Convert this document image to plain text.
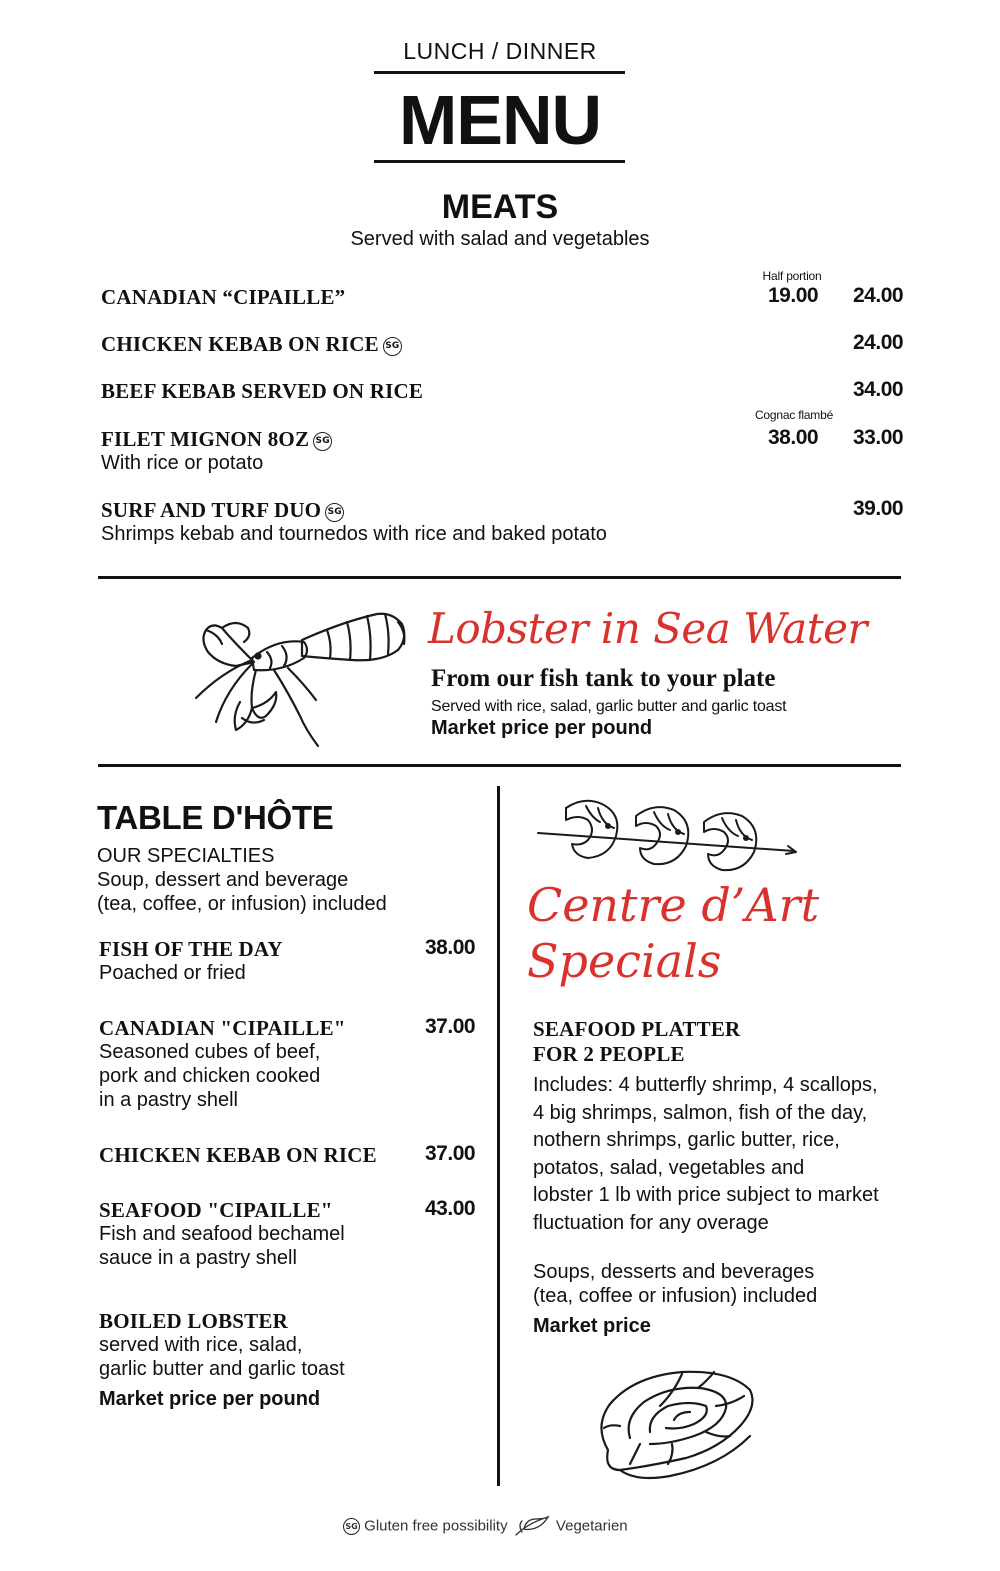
LUNCH / DINNER
MENU
MEATS
Served with salad and vegetables
Half portion
CANADIAN “CIPAILLE”	19.00 24.00
CHICKEN KEBAB ON RICE SG	24.00
BEEF KEBAB SERVED ON RICE	34.00
Cognac flambé
FILET MIGNON 8OZ SG
With rice or potato
38.00 33.00
SURF AND TURF DUO SG
Shrimps kebab and tournedos with rice and baked potato
39.00
Lobster in Sea Water
From our fish tank to your plate
Served with rice, salad, garlic butter and garlic toast
Market price per pound
TABLE D'HÔTE
OUR SPECIALTIES
Soup, dessert and beverage
(tea, coffee, or infusion) included
FISH OF THE DAY	38.00
Poached or fried
CANADIAN "CIPAILLE"	37.00
Seasoned cubes of beef,
pork and chicken cooked
in a pastry shell
CHICKEN KEBAB ON RICE 37.00
SEAFOOD "CIPAILLE"	43.00
Fish and seafood bechamel
sauce in a pastry shell
BOILED LOBSTER
served with rice, salad,
garlic butter and garlic toast
Market price per pound
Centre d’Art
Specials
SEAFOOD PLATTER
FOR 2 PEOPLE
Includes: 4 butterfly shrimp, 4 scallops,
4 big shrimps, salmon, fish of the day,
nothern shrimps, garlic butter, rice,
potatos, salad, vegetables and
lobster 1 lb with price subject to market
fluctuation for any overage
Soups, desserts and beverages
(tea, coffee or infusion) included
Market price
SG Gluten free possibility	Vegetarien
